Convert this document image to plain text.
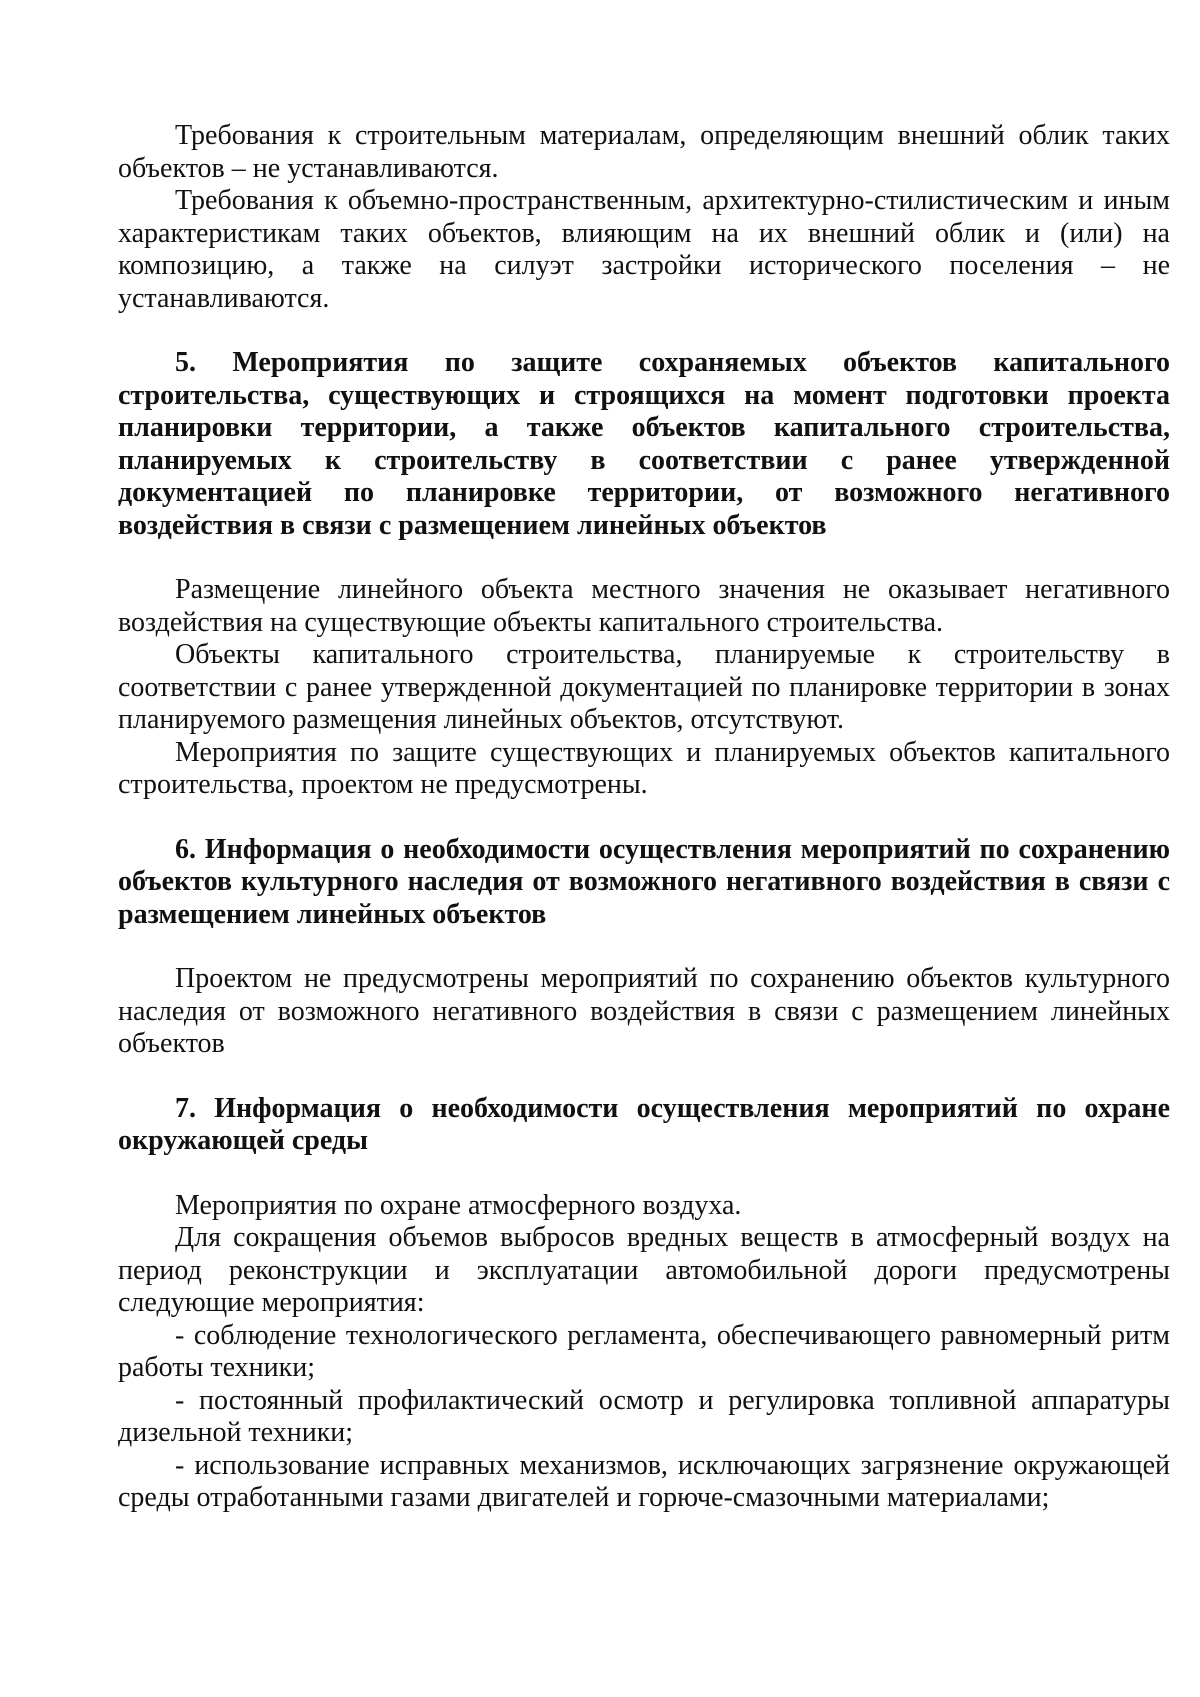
Требования к строительным материалам, определяющим внешний облик таких объектов – не устанавливаются.

Требования к объемно-пространственным, архитектурно-стилистическим и иным характеристикам таких объектов, влияющим на их внешний облик и (или) на композицию, а также на силуэт застройки исторического поселения – не устанавливаются.

5. Мероприятия по защите сохраняемых объектов капитального строительства, существующих и строящихся на момент подготовки проекта планировки территории, а также объектов капитального строительства, планируемых к строительству в соответствии с ранее утвержденной документацией по планировке территории, от возможного негативного воздействия в связи с размещением линейных объектов

Размещение линейного объекта местного значения не оказывает негативного воздействия на существующие объекты капитального строительства.

Объекты капитального строительства, планируемые к строительству в соответствии с ранее утвержденной документацией по планировке территории в зонах планируемого размещения линейных объектов, отсутствуют.

Мероприятия по защите существующих и планируемых объектов капитального строительства, проектом не предусмотрены.

6. Информация о необходимости осуществления мероприятий по сохранению объектов культурного наследия от возможного негативного воздействия в связи с размещением линейных объектов

Проектом не предусмотрены мероприятий по сохранению объектов культурного наследия от возможного негативного воздействия в связи с размещением линейных объектов

7. Информация о необходимости осуществления мероприятий по охране окружающей среды

Мероприятия по охране атмосферного воздуха.

Для сокращения объемов выбросов вредных веществ в атмосферный воздух на период реконструкции и эксплуатации автомобильной дороги предусмотрены следующие мероприятия:

- соблюдение технологического регламента, обеспечивающего равномерный ритм работы техники;

- постоянный профилактический осмотр и регулировка топливной аппаратуры дизельной техники;

- использование исправных механизмов, исключающих загрязнение окружающей среды отработанными газами двигателей и горюче-смазочными материалами;
